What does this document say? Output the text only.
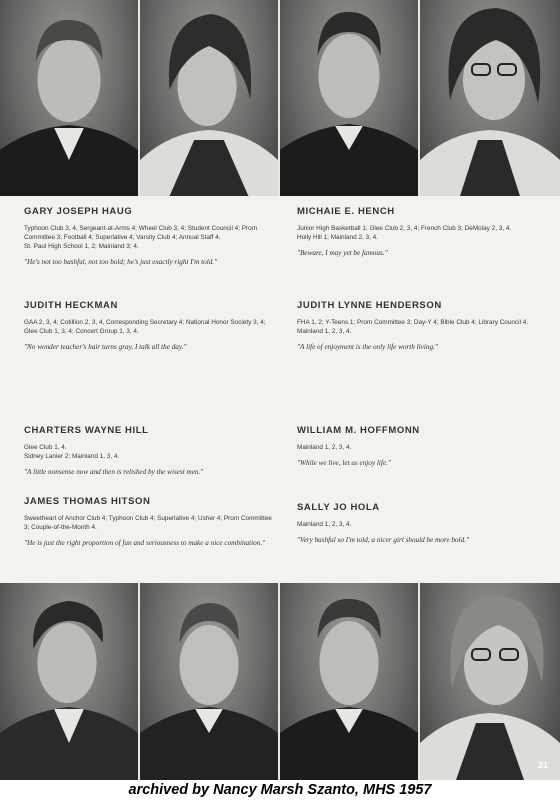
GARY JOSEPH HAUG
Typhoon Club 3, 4, Sergeant-at-Arms 4; Wheel Club 3, 4; Student Council 4; Prom Committee 3; Football 4; Superlative 4; Varsity Club 4; Annual Staff 4.
St. Paul High School 1, 2; Mainland 3; 4.
"He's not too bashful, not too bold; he's just exactly right I'm told."
MICHAIE E. HENCH
Junior High Basketball 1; Glee Club 2, 3, 4; French Club 3; DeMolay 2, 3, 4.
Holly Hill 1; Mainland 2, 3, 4.
"Beware, I may yet be famous."
JUDITH HECKMAN
GAA 2, 3, 4; Cotillion 2, 3, 4, Corresponding Secretary 4; National Honor Society 3, 4; Glee Club 1, 3, 4; Concert Group 1, 3, 4.
"No wonder teacher's hair turns gray, I talk all the day."
JUDITH LYNNE HENDERSON
FHA 1, 2; Y-Teens 1; Prom Committee 3; Day-Y 4; Bible Club 4; Library Council 4.
Mainland 1, 2, 3, 4.
"A life of enjoyment is the only life worth living."
CHARTERS WAYNE HILL
Glee Club 1, 4.
Sidney Lanier 2; Mainland 1, 3, 4.
"A little nonsense now and then is relished by the wisest men."
WILLIAM M. HOFFMONN
Mainland 1, 2, 3, 4.
"While we live, let us enjoy life."
JAMES THOMAS HITSON
Sweetheart of Anchor Club 4; Typhoon Club 4; Superlative 4; Usher 4; Prom Committee 3; Couple-of-the-Month 4.
"He is just the right proportion of fun and seriousness to make a nice combination."
SALLY JO HOLA
Mainland 1, 2, 3, 4.
"Very bashful so I'm told, a nicer girl should be more bold."
31
archived by Nancy Marsh Szanto, MHS 1957
